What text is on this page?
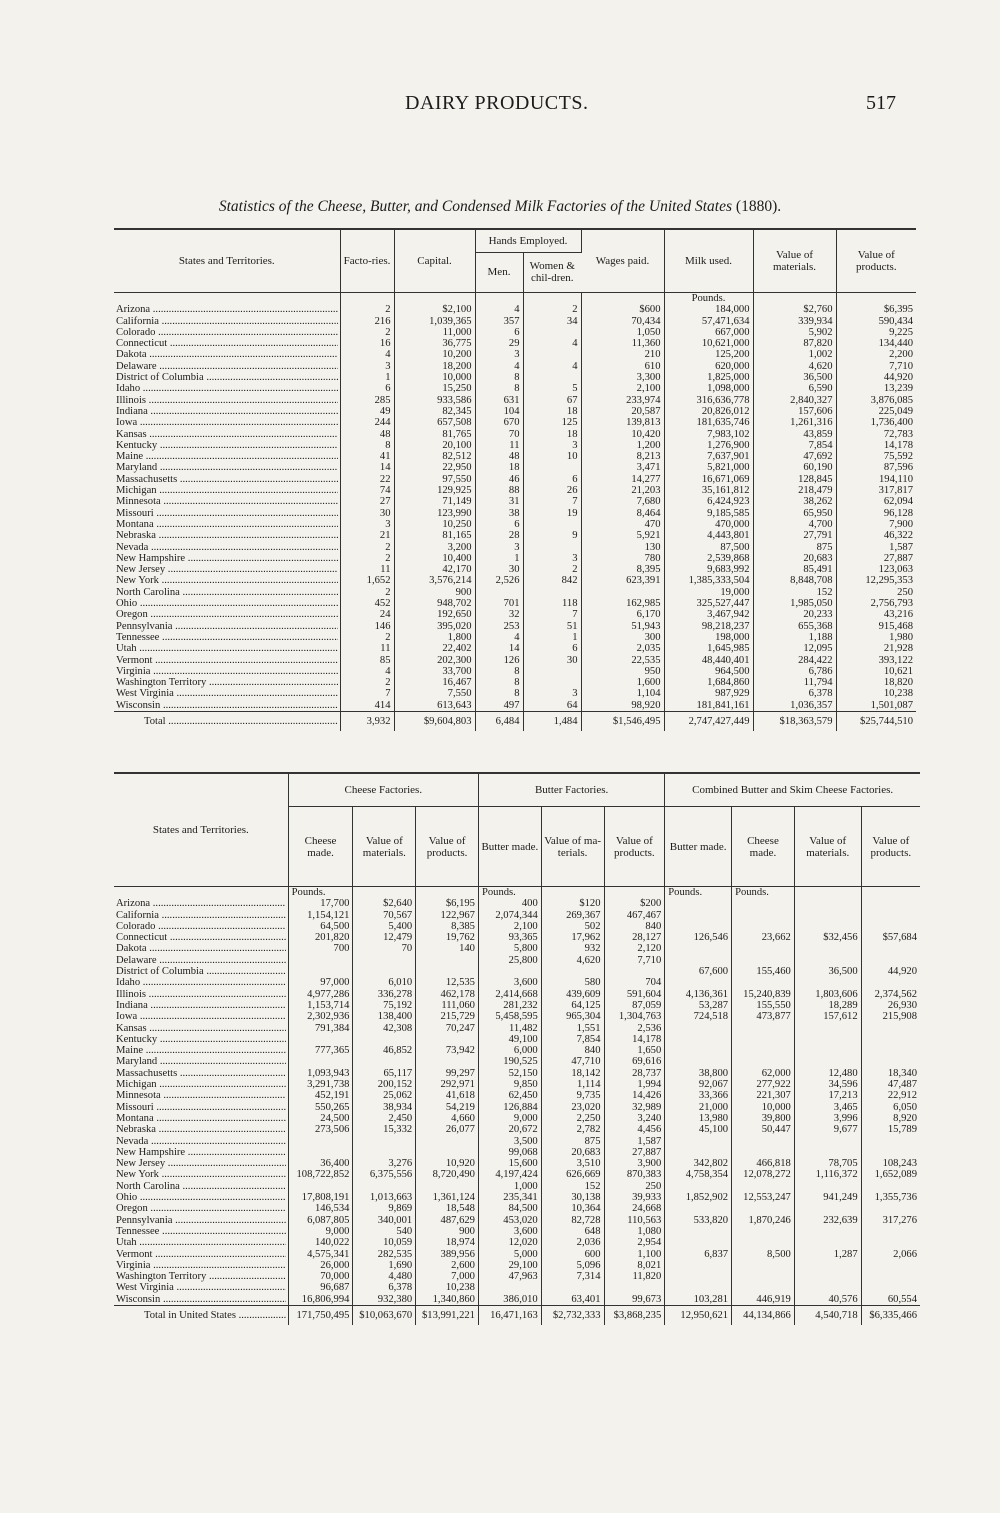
DAIRY PRODUCTS.	517
Statistics of the Cheese, Butter, and Condensed Milk Factories of the United States (1880).
States and Territories.	Facto-ries.	Capital.	Hands Employed.		Wages paid.	Milk used.	Value of materials.	Value of products.
			Men.	Women & chil-dren.				
						Pounds.		

Arizona .....	2	$2,100	4	2	$600	184,000	$2,760	$6,395

California .....	216	1,039,365	357	34	70,434	57,471,634	339,934	590,434

Colorado .....	2	11,000	6		1,050	667,000	5,902	9,225

Connecticut .....	16	36,775	29	4	11,360	10,621,000	87,820	134,440

Dakota .....	4	10,200	3		210	125,200	1,002	2,200

Delaware .....	3	18,200	4	4	610	620,000	4,620	7,710

District of Columbia .....	1	10,000	8		3,300	1,825,000	36,500	44,920

Idaho .....	6	15,250	8	5	2,100	1,098,000	6,590	13,239

Illinois .....	285	933,586	631	67	233,974	316,636,778	2,840,327	3,876,085

Indiana .....	49	82,345	104	18	20,587	20,826,012	157,606	225,049

Iowa .....	244	657,508	670	125	139,813	181,635,746	1,261,316	1,736,400

Kansas .....	48	81,765	70	18	10,420	7,983,102	43,859	72,783

Kentucky .....	8	20,100	11	3	1,200	1,276,900	7,854	14,178

Maine .....	41	82,512	48	10	8,213	7,637,901	47,692	75,592

Maryland .....	14	22,950	18		3,471	5,821,000	60,190	87,596

Massachusetts .....	22	97,550	46	6	14,277	16,671,069	128,845	194,110

Michigan .....	74	129,925	88	26	21,203	35,161,812	218,479	317,817

Minnesota .....	27	71,149	31	7	7,680	6,424,923	38,262	62,094

Missouri .....	30	123,990	38	19	8,464	9,185,585	65,950	96,128

Montana .....	3	10,250	6		470	470,000	4,700	7,900

Nebraska .....	21	81,165	28	9	5,921	4,443,801	27,791	46,322

Nevada .....	2	3,200	3		130	87,500	875	1,587

New Hampshire .....	2	10,400	1	3	780	2,539,868	20,683	27,887

New Jersey .....	11	42,170	30	2	8,395	9,683,992	85,491	123,063

New York .....	1,652	3,576,214	2,526	842	623,391	1,385,333,504	8,848,708	12,295,353

North Carolina .....	2	900				19,000	152	250

Ohio .....	452	948,702	701	118	162,985	325,527,447	1,985,050	2,756,793

Oregon .....	24	192,650	32	7	6,170	3,467,942	20,233	43,216

Pennsylvania .....	146	395,020	253	51	51,943	98,218,237	655,368	915,468

Tennessee .....	2	1,800	4	1	300	198,000	1,188	1,980

Utah .....	11	22,402	14	6	2,035	1,645,985	12,095	21,928

Vermont .....	85	202,300	126	30	22,535	48,440,401	284,422	393,122

Virginia .....	4	33,700	8		950	964,500	6,786	10,621

Washington Territory .....	2	16,467	8		1,600	1,684,860	11,794	18,820

West Virginia .....	7	7,550	8	3	1,104	987,929	6,378	10,238

Wisconsin .....	414	613,643	497	64	98,920	181,841,161	1,036,357	1,501,087

Total .....	3,932	$9,604,803	6,484	1,484	$1,546,495	2,747,427,449	$18,363,579	$25,744,510
States and Territories.	Cheese Factories.			Butter Factories.			Combined Butter and Skim Cheese Factories.			
	Cheese made.	Value of materials.	Value of products.	Butter made.	Value of ma-terials.	Value of products.	Butter made.	Cheese made.	Value of materials.	Value of products.
	Pounds.			Pounds.			Pounds.	Pounds.		

Arizona .....	17,700	$2,640	$6,195	400	$120	$200				

California .....	1,154,121	70,567	122,967	2,074,344	269,367	467,467				

Colorado .....	64,500	5,400	8,385	2,100	502	840				

Connecticut .....	201,820	12,479	19,762	93,365	17,962	28,127	126,546	23,662	$32,456	$57,684

Dakota .....	700	70	140	5,800	932	2,120				

Delaware .....				25,800	4,620	7,710				

District of Columbia .....							67,600	155,460	36,500	44,920

Idaho .....	97,000	6,010	12,535	3,600	580	704				

Illinois .....	4,977,286	336,278	462,178	2,414,668	439,609	591,604	4,136,361	15,240,839	1,803,606	2,374,562

Indiana .....	1,153,714	75,192	111,060	281,232	64,125	87,059	53,287	155,550	18,289	26,930

Iowa .....	2,302,936	138,400	215,729	5,458,595	965,304	1,304,763	724,518	473,877	157,612	215,908

Kansas .....	791,384	42,308	70,247	11,482	1,551	2,536				

Kentucky .....				49,100	7,854	14,178				

Maine .....	777,365	46,852	73,942	6,000	840	1,650				

Maryland .....				190,525	47,710	69,616				

Massachusetts .....	1,093,943	65,117	99,297	52,150	18,142	28,737	38,800	62,000	12,480	18,340

Michigan .....	3,291,738	200,152	292,971	9,850	1,114	1,994	92,067	277,922	34,596	47,487

Minnesota .....	452,191	25,062	41,618	62,450	9,735	14,426	33,366	221,307	17,213	22,912

Missouri .....	550,265	38,934	54,219	126,884	23,020	32,989	21,000	10,000	3,465	6,050

Montana .....	24,500	2,450	4,660	9,000	2,250	3,240	13,980	39,800	3,996	8,920

Nebraska .....	273,506	15,332	26,077	20,672	2,782	4,456	45,100	50,447	9,677	15,789

Nevada .....				3,500	875	1,587				

New Hampshire .....				99,068	20,683	27,887				

New Jersey .....	36,400	3,276	10,920	15,600	3,510	3,900	342,802	466,818	78,705	108,243

New York .....	108,722,852	6,375,556	8,720,490	4,197,424	626,669	870,383	4,758,354	12,078,272	1,116,372	1,652,089

North Carolina .....				1,000	152	250				

Ohio .....	17,808,191	1,013,663	1,361,124	235,341	30,138	39,933	1,852,902	12,553,247	941,249	1,355,736

Oregon .....	146,534	9,869	18,548	84,500	10,364	24,668				

Pennsylvania .....	6,087,805	340,001	487,629	453,020	82,728	110,563	533,820	1,870,246	232,639	317,276

Tennessee .....	9,000	540	900	3,600	648	1,080				

Utah .....	140,022	10,059	18,974	12,020	2,036	2,954				

Vermont .....	4,575,341	282,535	389,956	5,000	600	1,100	6,837	8,500	1,287	2,066

Virginia .....	26,000	1,690	2,600	29,100	5,096	8,021				

Washington Territory .....	70,000	4,480	7,000	47,963	7,314	11,820				

West Virginia .....	96,687	6,378	10,238							

Wisconsin .....	16,806,994	932,380	1,340,860	386,010	63,401	99,673	103,281	446,919	40,576	60,554

Total in United States .....	171,750,495	$10,063,670	$13,991,221	16,471,163	$2,732,333	$3,868,235	12,950,621	44,134,866	4,540,718	$6,335,466
